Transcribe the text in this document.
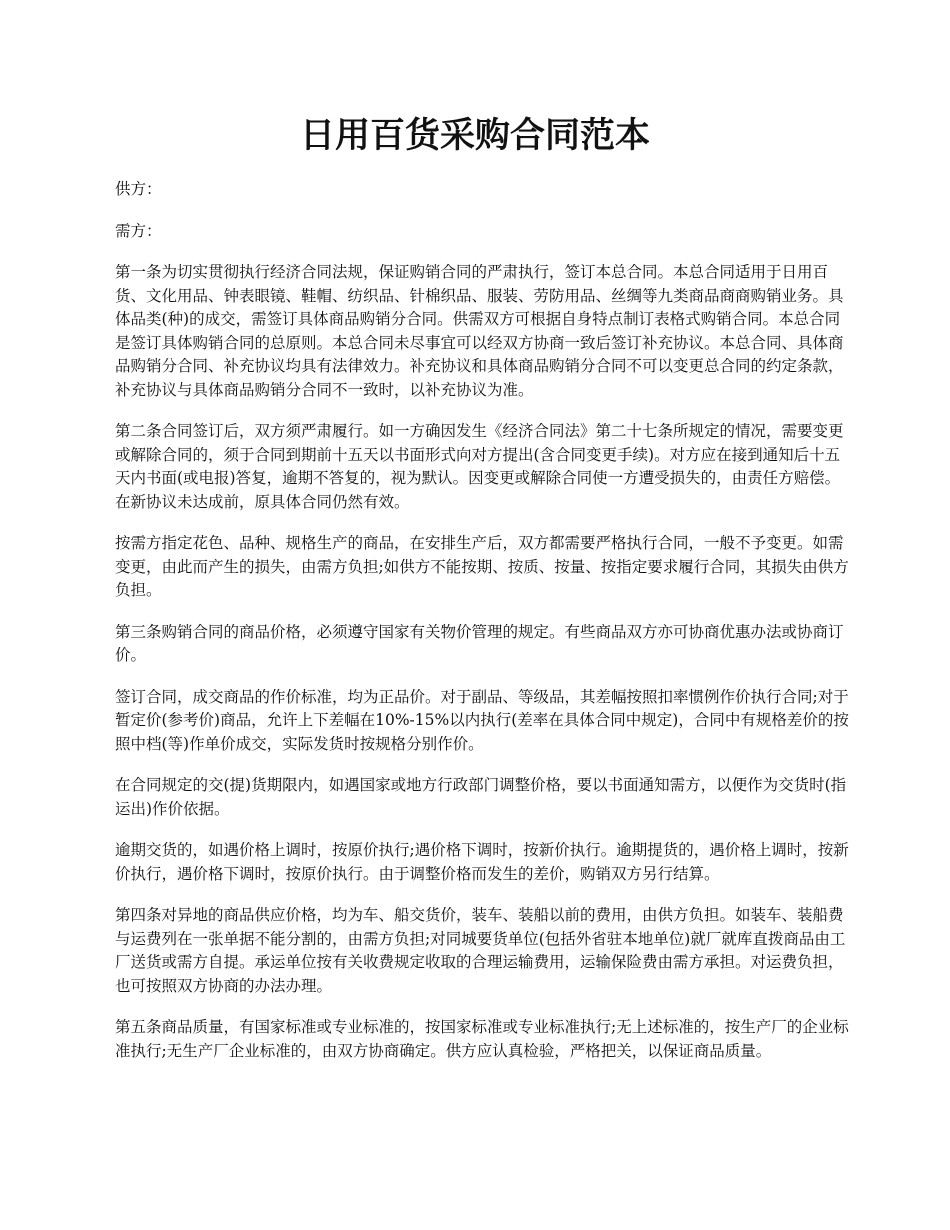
日用百货采购合同范本

供方：

需方：

第一条为切实贯彻执行经济合同法规，保证购销合同的严肃执行，签订本总合同。本总合同适用于日用百货、文化用品、钟表眼镜、鞋帽、纺织品、针棉织品、服装、劳防用品、丝绸等九类商品商商购销业务。具体品类(种)的成交，需签订具体商品购销分合同。供需双方可根据自身特点制订表格式购销合同。本总合同是签订具体购销合同的总原则。本总合同未尽事宜可以经双方协商一致后签订补充协议。本总合同、具体商品购销分合同、补充协议均具有法律效力。补充协议和具体商品购销分合同不可以变更总合同的约定条款，补充协议与具体商品购销分合同不一致时，以补充协议为准。

第二条合同签订后，双方须严肃履行。如一方确因发生《经济合同法》第二十七条所规定的情况，需要变更或解除合同的，须于合同到期前十五天以书面形式向对方提出(含合同变更手续)。对方应在接到通知后十五天内书面(或电报)答复，逾期不答复的，视为默认。因变更或解除合同使一方遭受损失的，由责任方赔偿。在新协议未达成前，原具体合同仍然有效。

按需方指定花色、品种、规格生产的商品，在安排生产后，双方都需要严格执行合同，一般不予变更。如需变更，由此而产生的损失，由需方负担;如供方不能按期、按质、按量、按指定要求履行合同，其损失由供方负担。

第三条购销合同的商品价格，必须遵守国家有关物价管理的规定。有些商品双方亦可协商优惠办法或协商订价。

签订合同，成交商品的作价标准，均为正品价。对于副品、等级品，其差幅按照扣率惯例作价执行合同;对于暂定价(参考价)商品，允许上下差幅在10%-15%以内执行(差率在具体合同中规定)，合同中有规格差价的按照中档(等)作单价成交，实际发货时按规格分别作价。

在合同规定的交(提)货期限内，如遇国家或地方行政部门调整价格，要以书面通知需方，以便作为交货时(指运出)作价依据。

逾期交货的，如遇价格上调时，按原价执行;遇价格下调时，按新价执行。逾期提货的，遇价格上调时，按新价执行，遇价格下调时，按原价执行。由于调整价格而发生的差价，购销双方另行结算。

第四条对异地的商品供应价格，均为车、船交货价，装车、装船以前的费用，由供方负担。如装车、装船费与运费列在一张单据不能分割的，由需方负担;对同城要货单位(包括外省驻本地单位)就厂就库直拨商品由工厂送货或需方自提。承运单位按有关收费规定收取的合理运输费用，运输保险费由需方承担。对运费负担，也可按照双方协商的办法办理。

第五条商品质量，有国家标准或专业标准的，按国家标准或专业标准执行;无上述标准的，按生产厂的企业标准执行;无生产厂企业标准的，由双方协商确定。供方应认真检验，严格把关，以保证商品质量。
